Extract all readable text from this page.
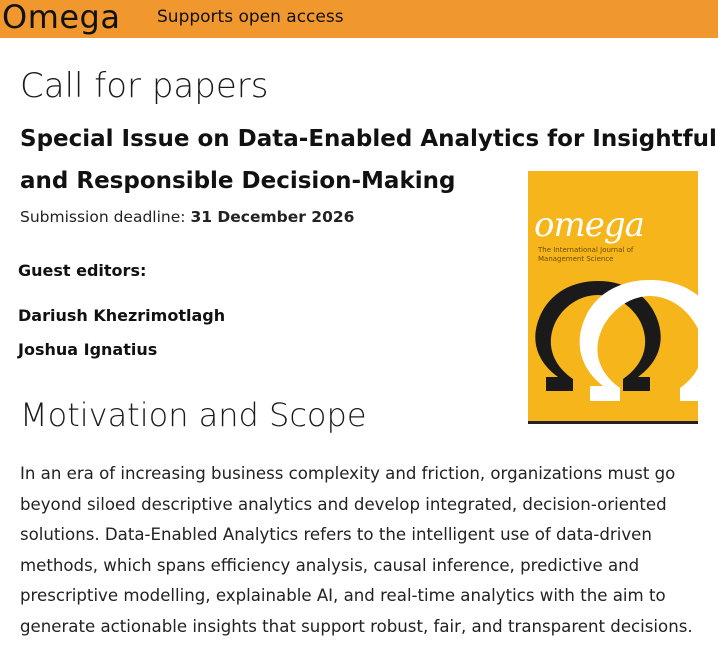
Omega Supports open access
Call for papers
Special Issue on Data-Enabled Analytics for Insightful and Responsible Decision-Making
Submission deadline: 31 December 2026
Guest editors:
Dariush Khezrimotlagh
Joshua Ignatius
omega
The International Journal of Management Science
Motivation and Scope
In an era of increasing business complexity and friction, organizations must go beyond siloed descriptive analytics and develop integrated, decision-oriented solutions. Data-Enabled Analytics refers to the intelligent use of data-driven methods, which spans efficiency analysis, causal inference, predictive and prescriptive modelling, explainable AI, and real-time analytics with the aim to generate actionable insights that support robust, fair, and transparent decisions.
